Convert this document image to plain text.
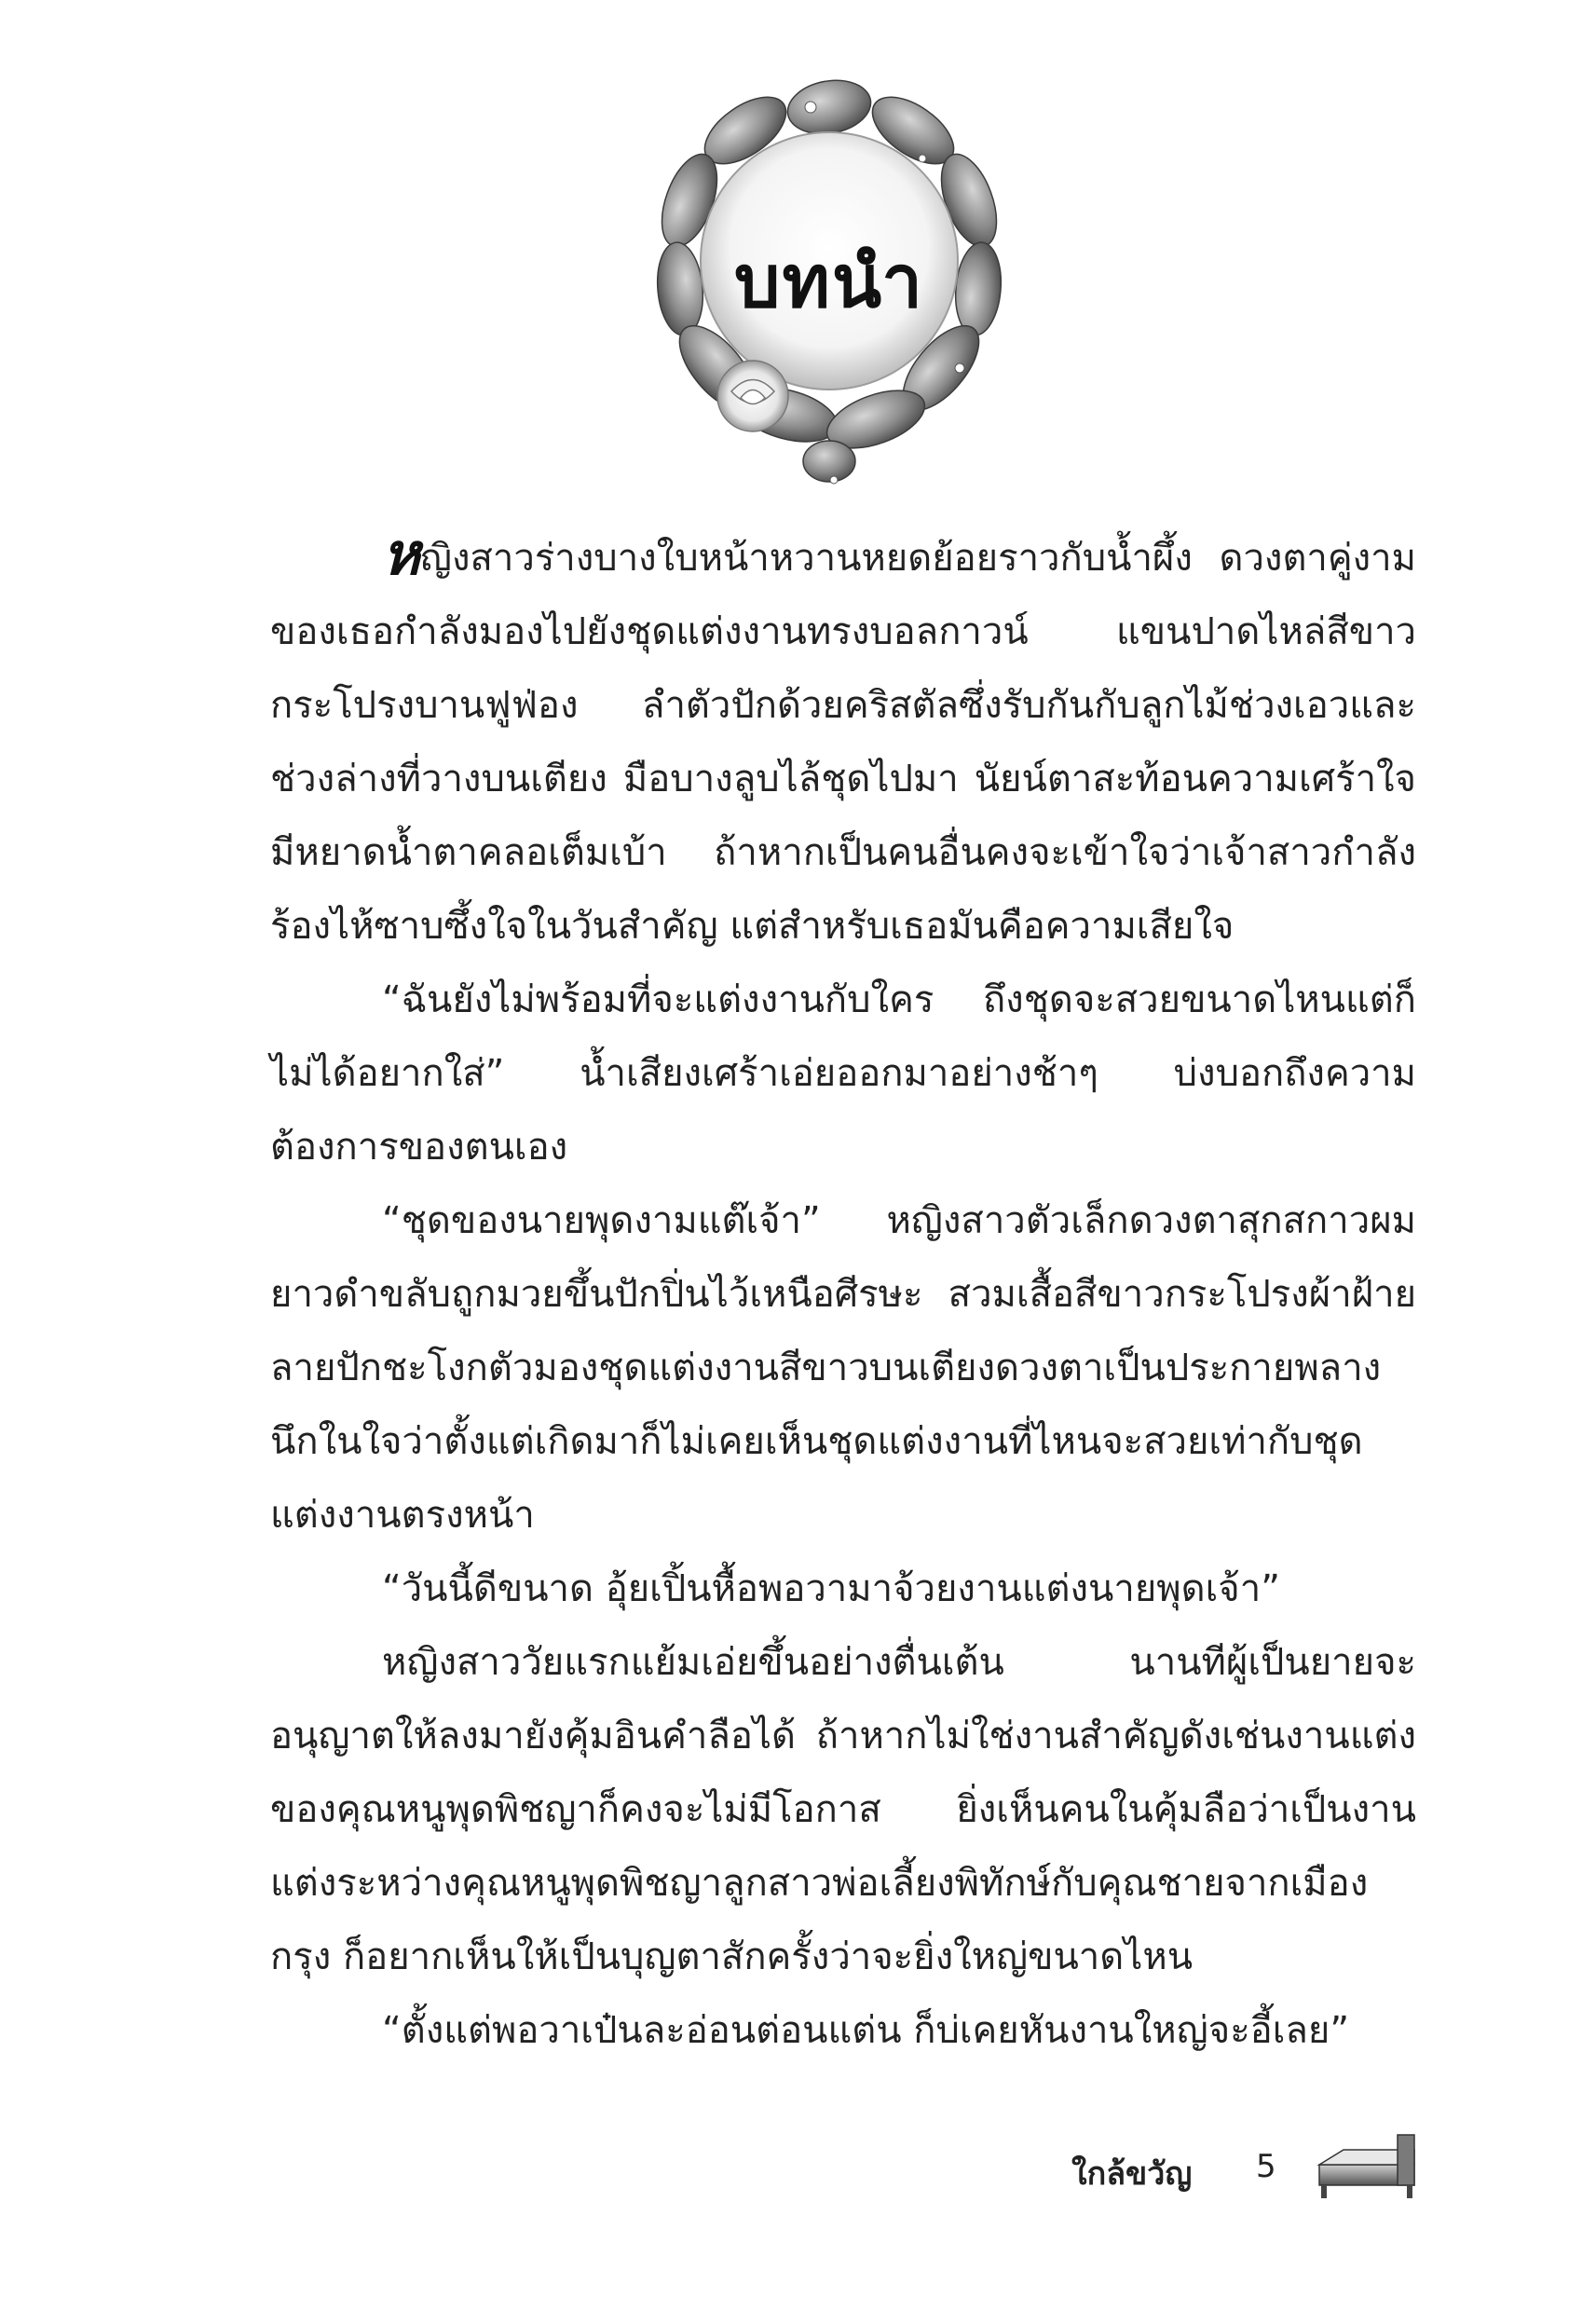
บทนำ

หญิงสาวร่างบางใบหน้าหวานหยดย้อยราวกับน้ำผึ้ง ดวงตาคู่งามของเธอกำลังมองไปยังชุดแต่งงานทรงบอลกาวน์ แขนปาดไหล่สีขาว กระโปรงบานฟูฟ่อง ลำตัวปักด้วยคริสตัลซึ่งรับกันกับลูกไม้ช่วงเอวและช่วงล่างที่วางบนเตียง มือบางลูบไล้ชุดไปมา นัยน์ตาสะท้อนความเศร้าใจมีหยาดน้ำตาคลอเต็มเบ้า ถ้าหากเป็นคนอื่นคงจะเข้าใจว่าเจ้าสาวกำลังร้องไห้ซาบซึ้งใจในวันสำคัญ แต่สำหรับเธอมันคือความเสียใจ

“ฉันยังไม่พร้อมที่จะแต่งงานกับใคร ถึงชุดจะสวยขนาดไหนแต่ก็ไม่ได้อยากใส่” น้ำเสียงเศร้าเอ่ยออกมาอย่างช้าๆ บ่งบอกถึงความต้องการของตนเอง

“ชุดของนายพุดงามแต๊เจ้า” หญิงสาวตัวเล็กดวงตาสุกสกาวผมยาวดำขลับถูกมวยขึ้นปักปิ่นไว้เหนือศีรษะ สวมเสื้อสีขาวกระโปรงผ้าฝ้ายลายปักชะโงกตัวมองชุดแต่งงานสีขาวบนเตียงดวงตาเป็นประกายพลางนึกในใจว่าตั้งแต่เกิดมาก็ไม่เคยเห็นชุดแต่งงานที่ไหนจะสวยเท่ากับชุดแต่งงานตรงหน้า

“วันนี้ดีขนาด อุ้ยเปิ้นหื้อพอวามาจ้วยงานแต่งนายพุดเจ้า”

หญิงสาววัยแรกแย้มเอ่ยขึ้นอย่างตื่นเต้น นานทีผู้เป็นยายจะอนุญาตให้ลงมายังคุ้มอินคำลือได้ ถ้าหากไม่ใช่งานสำคัญดังเช่นงานแต่งของคุณหนูพุดพิชญาก็คงจะไม่มีโอกาส ยิ่งเห็นคนในคุ้มลือว่าเป็นงานแต่งระหว่างคุณหนูพุดพิชญาลูกสาวพ่อเลี้ยงพิทักษ์กับคุณชายจากเมืองกรุง ก็อยากเห็นให้เป็นบุญตาสักครั้งว่าจะยิ่งใหญ่ขนาดไหน

“ตั้งแต่พอวาเป๋นละอ่อนต่อนแต่น ก็บ่เคยหันงานใหญ่จะอี้เลย”

ใกล้ขวัญ 5
